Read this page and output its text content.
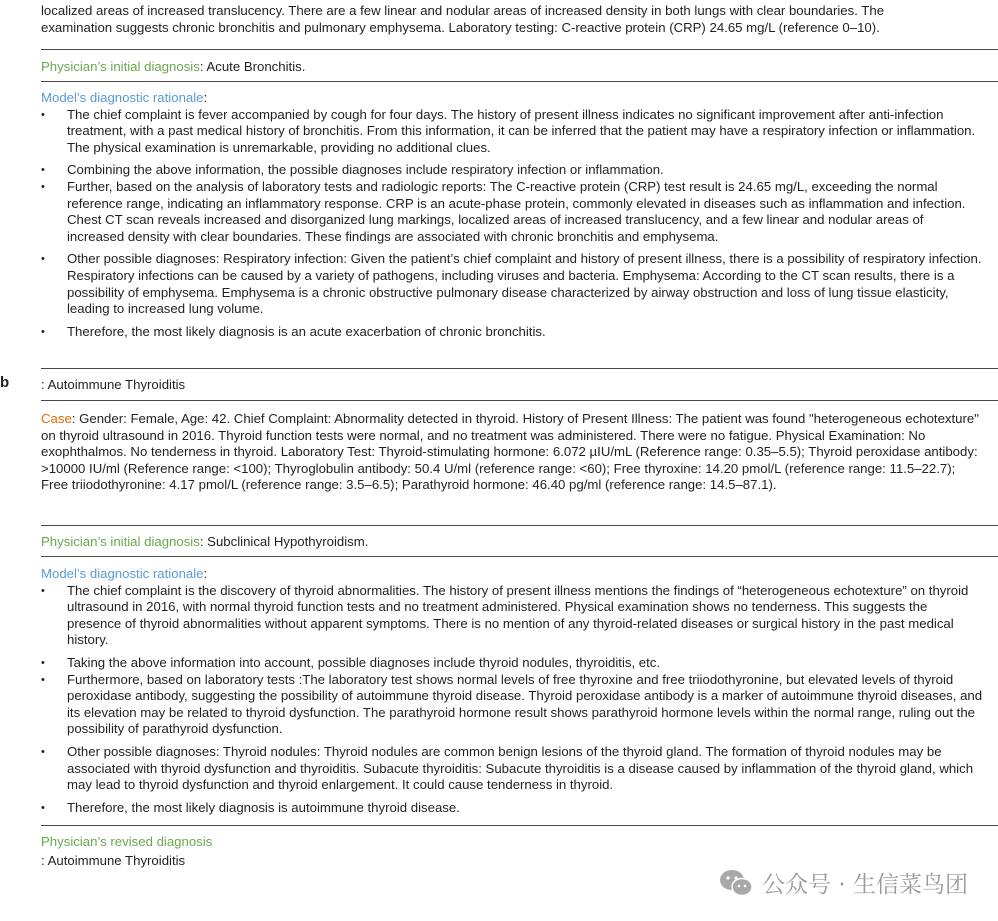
localized areas of increased translucency. There are a few linear and nodular areas of increased density in both lungs with clear boundaries. The
examination suggests chronic bronchitis and pulmonary emphysema. Laboratory testing: C-reactive protein (CRP) 24.65 mg/L (reference 0–10).
Physician’s initial diagnosis: Acute Bronchitis.
Model’s diagnostic rationale:
• The chief complaint is fever accompanied by cough for four days. The history of present illness indicates no significant improvement after anti-infection treatment, with a past medical history of bronchitis. From this information, it can be inferred that the patient may have a respiratory infection or inflammation. The physical examination is unremarkable, providing no additional clues.
• Combining the above information, the possible diagnoses include respiratory infection or inflammation.
• Further, based on the analysis of laboratory tests and radiologic reports: The C-reactive protein (CRP) test result is 24.65 mg/L, exceeding the normal reference range, indicating an inflammatory response. CRP is an acute-phase protein, commonly elevated in diseases such as inflammation and infection. Chest CT scan reveals increased and disorganized lung markings, localized areas of increased translucency, and a few linear and nodular areas of increased density with clear boundaries. These findings are associated with chronic bronchitis and emphysema.
• Other possible diagnoses: Respiratory infection: Given the patient’s chief complaint and history of present illness, there is a possibility of respiratory infection. Respiratory infections can be caused by a variety of pathogens, including viruses and bacteria. Emphysema: According to the CT scan results, there is a possibility of emphysema. Emphysema is a chronic obstructive pulmonary disease characterized by airway obstruction and loss of lung tissue elasticity, leading to increased lung volume.
• Therefore, the most likely diagnosis is an acute exacerbation of chronic bronchitis.
b : Autoimmune Thyroiditis
Case: Gender: Female, Age: 42. Chief Complaint: Abnormality detected in thyroid. History of Present Illness: The patient was found "heterogeneous echotexture" on thyroid ultrasound in 2016. Thyroid function tests were normal, and no treatment was administered. There were no fatigue. Physical Examination: No exophthalmos. No tenderness in thyroid. Laboratory Test: Thyroid-stimulating hormone: 6.072 µIU/mL (Reference range: 0.35–5.5); Thyroid peroxidase antibody: >10000 IU/ml (Reference range: <100); Thyroglobulin antibody: 50.4 U/ml (reference range: <60); Free thyroxine: 14.20 pmol/L (reference range: 11.5–22.7); Free triiodothyronine: 4.17 pmol/L (reference range: 3.5–6.5); Parathyroid hormone: 46.40 pg/ml (reference range: 14.5–87.1).
Physician’s initial diagnosis: Subclinical Hypothyroidism.
Model’s diagnostic rationale:
• The chief complaint is the discovery of thyroid abnormalities. The history of present illness mentions the findings of “heterogeneous echotexture” on thyroid ultrasound in 2016, with normal thyroid function tests and no treatment administered. Physical examination shows no tenderness. This suggests the presence of thyroid abnormalities without apparent symptoms. There is no mention of any thyroid-related diseases or surgical history in the past medical history.
• Taking the above information into account, possible diagnoses include thyroid nodules, thyroiditis, etc.
• Furthermore, based on laboratory tests :The laboratory test shows normal levels of free thyroxine and free triiodothyronine, but elevated levels of thyroid peroxidase antibody, suggesting the possibility of autoimmune thyroid disease. Thyroid peroxidase antibody is a marker of autoimmune thyroid diseases, and its elevation may be related to thyroid dysfunction. The parathyroid hormone result shows parathyroid hormone levels within the normal range, ruling out the possibility of parathyroid dysfunction.
• Other possible diagnoses: Thyroid nodules: Thyroid nodules are common benign lesions of the thyroid gland. The formation of thyroid nodules may be associated with thyroid dysfunction and thyroiditis. Subacute thyroiditis: Subacute thyroiditis is a disease caused by inflammation of the thyroid gland, which may lead to thyroid dysfunction and thyroid enlargement. It could cause tenderness in thyroid.
• Therefore, the most likely diagnosis is autoimmune thyroid disease.
Physician’s revised diagnosis
: Autoimmune Thyroiditis
公众号 · 生信菜鸟团
